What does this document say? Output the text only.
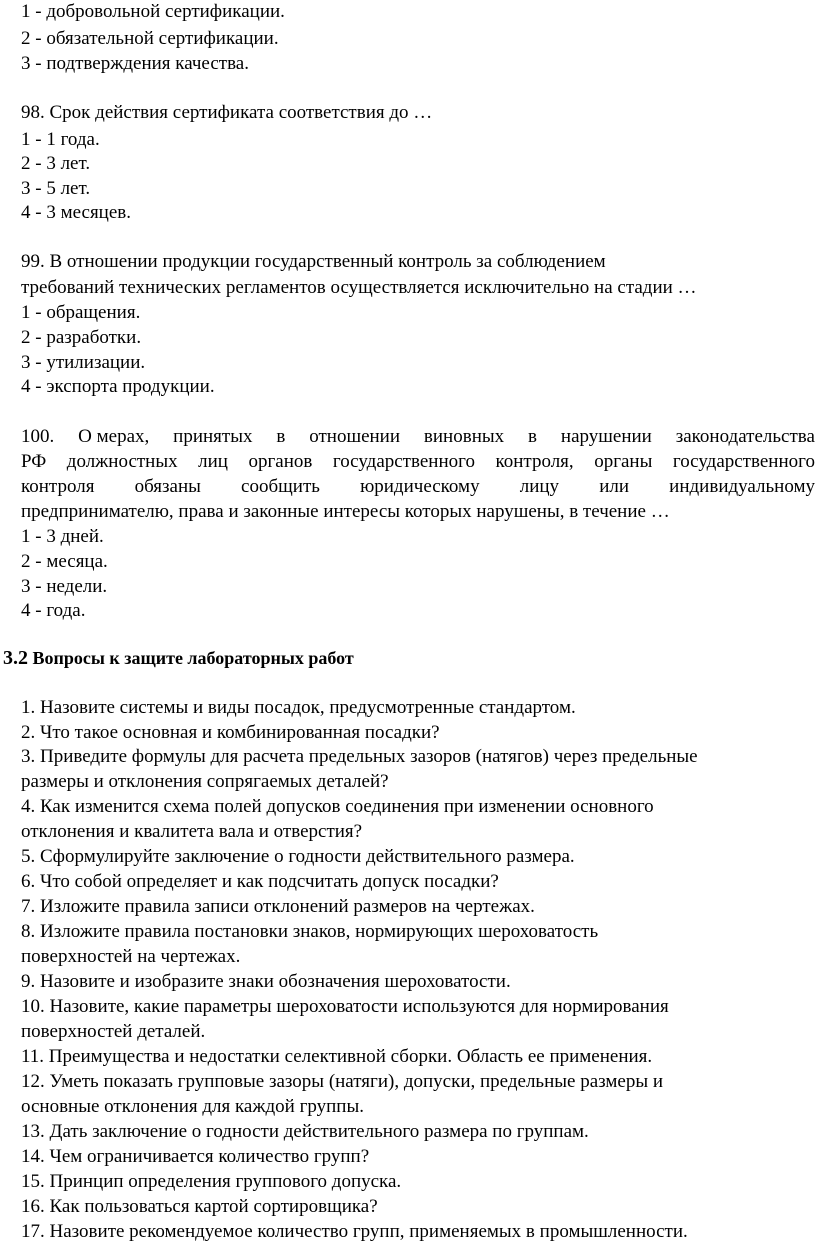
1 - добровольной сертификации.
2 - обязательной сертификации.
3 - подтверждения качества.
98. Срок действия сертификата соответствия до …
1 - 1 года.
2 - 3 лет.
3 - 5 лет.
4 - 3 месяцев.
99. В отношении продукции государственный контроль за соблюдением
требований технических регламентов осуществляется исключительно на стадии …
1 - обращения.
2 - разработки.
3 - утилизации.
4 - экспорта продукции.
100. О мерах, принятых в отношении виновных в нарушении законодательства
РФ должностных лиц органов государственного контроля, органы государственного
контроля обязаны сообщить юридическому лицу или индивидуальному
предпринимателю, права и законные интересы которых нарушены, в течение …
1 - 3 дней.
2 - месяца.
3 - недели.
4 - года.
3.2 Вопросы к защите лабораторных работ
1. Назовите системы и виды посадок, предусмотренные стандартом.
2. Что такое основная и комбинированная посадки?
3. Приведите формулы для расчета предельных зазоров (натягов) через предельные
размеры и отклонения сопрягаемых деталей?
4. Как изменится схема полей допусков соединения при изменении основного
отклонения и квалитета вала и отверстия?
5. Сформулируйте заключение о годности действительного размера.
6. Что собой определяет и как подсчитать допуск посадки?
7. Изложите правила записи отклонений размеров на чертежах.
8. Изложите правила постановки знаков, нормирующих шероховатость
поверхностей на чертежах.
9. Назовите и изобразите знаки обозначения шероховатости.
10. Назовите, какие параметры шероховатости используются для нормирования
поверхностей деталей.
11. Преимущества и недостатки селективной сборки. Область ее применения.
12. Уметь показать групповые зазоры (натяги), допуски, предельные размеры и
основные отклонения для каждой группы.
13. Дать заключение о годности действительного размера по группам.
14. Чем ограничивается количество групп?
15. Принцип определения группового допуска.
16. Как пользоваться картой сортировщика?
17. Назовите рекомендуемое количество групп, применяемых в промышленности.
